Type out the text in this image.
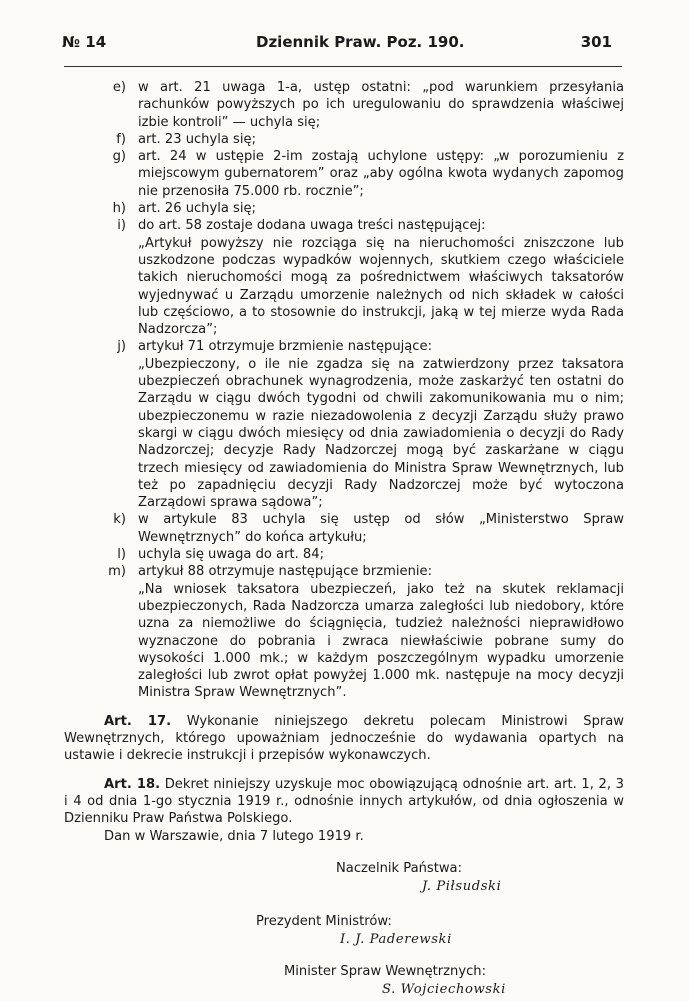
№ 14	Dziennik Praw. Poz. 190.	301
e) w art. 21 uwaga 1-a, ustęp ostatni: „pod warunkiem przesyłania rachunków powyższych po ich uregulowaniu do sprawdzenia właściwej izbie kontroli” — uchyla się;
f) art. 23 uchyla się;
g) art. 24 w ustępie 2-im zostają uchylone ustępy: „w porozumieniu z miejscowym gubernatorem” oraz „aby ogólna kwota wydanych zapomog nie przenosiła 75.000 rb. rocznie”;
h) art. 26 uchyla się;
i) do art. 58 zostaje dodana uwaga treści następującej:
„Artykuł powyższy nie rozciąga się na nieruchomości zniszczone lub uszkodzone podczas wypadków wojennych, skutkiem czego właściciele takich nieruchomości mogą za pośrednictwem właściwych taksatorów wyjednywać u Zarządu umorzenie należnych od nich składek w całości lub częściowo, a to stosownie do instrukcji, jaką w tej mierze wyda Rada Nadzorcza”;
j) artykuł 71 otrzymuje brzmienie następujące:
„Ubezpieczony, o ile nie zgadza się na zatwierdzony przez taksatora ubezpieczeń obrachunek wynagrodzenia, może zaskarżyć ten ostatni do Zarządu w ciągu dwóch tygodni od chwili zakomunikowania mu o nim; ubezpieczonemu w razie niezadowolenia z decyzji Zarządu służy prawo skargi w ciągu dwóch miesięcy od dnia zawiadomienia o decyzji do Rady Nadzorczej; decyzje Rady Nadzorczej mogą być zaskarżane w ciągu trzech miesięcy od zawiadomienia do Ministra Spraw Wewnętrznych, lub też po zapadnięciu decyzji Rady Nadzorczej może być wytoczona Zarządowi sprawa sądowa”;
k) w artykule 83 uchyla się ustęp od słów „Ministerstwo Spraw Wewnętrznych” do końca artykułu;
l) uchyla się uwaga do art. 84;
m) artykuł 88 otrzymuje następujące brzmienie:
„Na wniosek taksatora ubezpieczeń, jako też na skutek reklamacji ubezpieczonych, Rada Nadzorcza umarza zaległości lub niedobory, które uzna za niemożliwe do ściągnięcia, tudzież należności nieprawidłowo wyznaczone do pobrania i zwraca niewłaściwie pobrane sumy do wysokości 1.000 mk.; w każdym poszczególnym wypadku umorzenie zaległości lub zwrot opłat powyżej 1.000 mk. następuje na mocy decyzji Ministra Spraw Wewnętrznych”.
Art. 17. Wykonanie niniejszego dekretu polecam Ministrowi Spraw Wewnętrznych, którego upoważniam jednocześnie do wydawania opartych na ustawie i dekrecie instrukcji i przepisów wykonawczych.
Art. 18. Dekret niniejszy uzyskuje moc obowiązującą odnośnie art. art. 1, 2, 3 i 4 od dnia 1-go stycznia 1919 r., odnośnie innych artykułów, od dnia ogłoszenia w Dzienniku Praw Państwa Polskiego.
Dan w Warszawie, dnia 7 lutego 1919 r.
Naczelnik Państwa:
J. Piłsudski
Prezydent Ministrów:
I. J. Paderewski
Minister Spraw Wewnętrznych:
S. Wojciechowski
